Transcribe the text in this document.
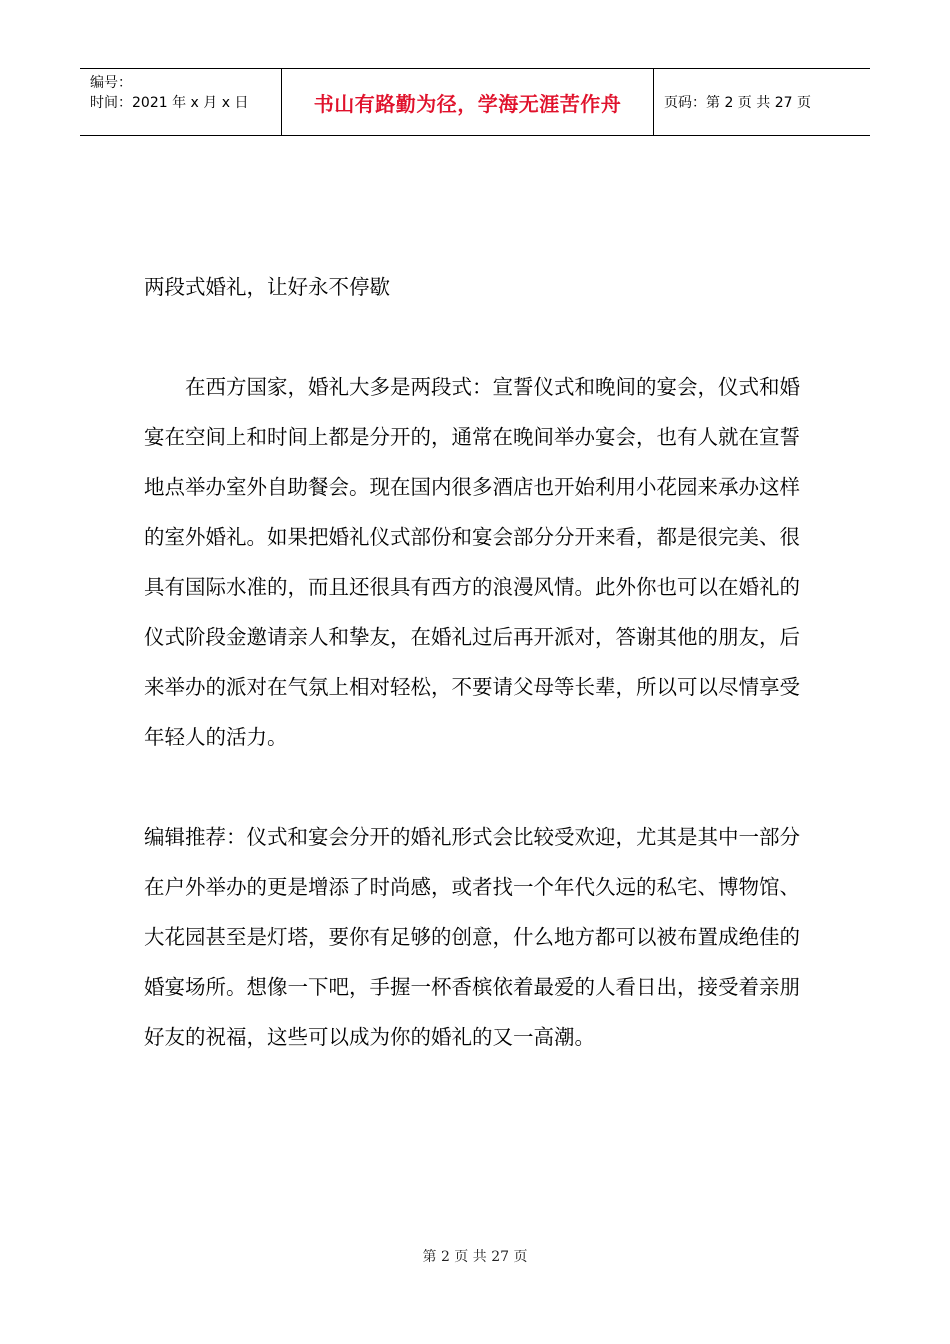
编号：
时间：2021 年 x 月 x 日	书山有路勤为径，学海无涯苦作舟	页码：第 2 页 共 27 页

两段式婚礼，让好永不停歇

在西方国家，婚礼大多是两段式：宣誓仪式和晚间的宴会，仪式和婚宴在空间上和时间上都是分开的，通常在晚间举办宴会，也有人就在宣誓地点举办室外自助餐会。现在国内很多酒店也开始利用小花园来承办这样的室外婚礼。如果把婚礼仪式部份和宴会部分分开来看，都是很完美、很具有国际水准的，而且还很具有西方的浪漫风情。此外你也可以在婚礼的仪式阶段金邀请亲人和挚友，在婚礼过后再开派对，答谢其他的朋友，后来举办的派对在气氛上相对轻松，不要请父母等长辈，所以可以尽情享受年轻人的活力。

编辑推荐：仪式和宴会分开的婚礼形式会比较受欢迎，尤其是其中一部分在户外举办的更是增添了时尚感，或者找一个年代久远的私宅、博物馆、大花园甚至是灯塔，要你有足够的创意，什么地方都可以被布置成绝佳的婚宴场所。想像一下吧，手握一杯香槟依着最爱的人看日出，接受着亲朋好友的祝福，这些可以成为你的婚礼的又一高潮。

第 2 页 共 27 页
